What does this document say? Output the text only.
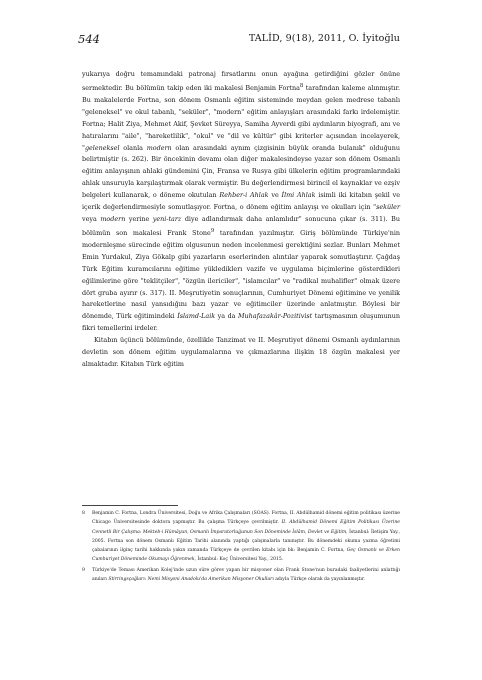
544	TALİD, 9(18), 2011, O. İyitoğlu

yukarıya doğru temamındaki patronaj fırsatlarını onun ayağına getirdiğini gözler önüne sermektedir. Bu bölümün takip eden iki makalesi Benjamin Fortna$^8$ tarafından kaleme alınmıştır. Bu makalelerde Fortna, son dönem Osmanlı eğitim sisteminde meydan gelen medrese tabanlı "geleneksel" ve okul tabanlı, "seküler", "modern" eğitim anlayışları arasındaki farkı irdelemiştir. Fortna; Halit Ziya, Mehmet Akif, Şevket Süreyya, Samiha Ayverdi gibi aydınların biyografi, anı ve hatıralarını "aile", "hareketlilik", "okul" ve "dil ve kültür" gibi kriterler açısından incelayerek, "geleneksel olanla modern olan arasındaki aynım çizgisinin büyük oranda bulanık" olduğunu belirtmiştir (s. 262). Bir öncekinin devamı olan diğer makalesindeyse yazar son dönem Osmanlı eğitim anlayışının ahlaki gündemini Çin, Fransa ve Rusya gibi ülkelerin eğitim programlarındaki ahlak unsuruyla karşılaştırmak olarak vermiştir. Bu değerlendirmesi birincil el kaynaklar ve ezşiv belgeleri kullanarak, o döneme okutulan Rehber-i Ahlak ve İlmi Ahlak isimli iki kitabın şekil ve içerik değerlendirmesiyle somutlaşıyor. Fortna, o dönem eğitim anlayışı ve okulları için "seküler veya modern yerine yeni-tarz diye adlandırmak daha anlamlıdır" sonucuna çıkar (s. 311). Bu bölümün son makalesi Frank Stone$^9$ tarafından yazılmıştır. Giriş bölümünde Türkiye'nin modernleşme sürecinde eğitim olgusunun neden incelenmesi gerektiğini sezlar. Bunları Mehmet Emin Yurdakul, Ziya Gökalp gibi yazarların eserlerinden alıntılar yaparak somutlaştırır. Çağdaş Türk Eğitim kuramcılarını eğitime yüklediklerı vazife ve uygulama biçimlerine gösterdikleri eğilimlerine göre "teklitçiler", "özgün ilericiler", "islamcılar" ve "radikal muhalifler" olmak üzere dört gruba ayırır (s. 317). II. Meşrutiyetin sonuçlarının, Cumhuriyet Dönemi eğitimine ve yenilik hareketlerine nasıl yansıdığını bazı yazar ve eğitimciler üzerinde anlatmıştır. Böylesi bir dönemde, Türk eğitimindeki İslamd-Laik ya da Muhafazakâr-Pozitivist tartışmasının oluşumunun fikri temellerini irdeler.

Kitabın üçüncü bölümünde, özellikle Tanzimat ve II. Meşrutiyet dönemi Osmanlı aydınlarının devletin son dönem eğitim uygulamalarına ve çıkmazlarına ilişkin 18 özgün makalesi yer almaktadır. Kitabın Türk eğitim

8 Benjamin C. Fortna, Londra Üniversitesi, Doğu ve Afrika Çalışmaları (SOAS). Fortna, II. Abdülhamid dönemi eğitim politikası üzerine Chicago Üniversitesinde doktora yapmıştır. Bu çalışma Türkçeye çevrilmiştir. II. Abdülhamid Dönemi Eğitim Politikası Üzerine Cennetli Bir Çalışma: Mekteb-i Hümâyun, Osmanlı İmparatorluğunun Son Döneminde İslâm, Devlet ve Eğitim, İstanbul: İletişim Yay., 2005. Fortna son dönem Osmanlı Eğitim Tarihi alanında yaptığı çalışmalarla tanınıştır. Bu dönemdeki okuma yazma öğretimi çabalarının ilginç tarihi hakkında yakın zamanda Türkçeye de çevrilen kitabı için bk: Benjamin C. Fortna, Geç Osmanlı ve Erken Cumhuriyet Döneminde Okumayı Öğrenmek, İstanbul: Koç Üniversitesi Yay., 2015.
9 Türkiye'de Teması Amerikan Kolej'inde uzun süre görev yapan bir misyoner olan Frank Stone'nun buradaki faaliyetlerini anlattığı anıları Stirringsçağları: Nemi Misyoni Anadolu'da Amerikan Misyoner Okulları adıyla Türkçe olarak da yayınlanmıştır.
